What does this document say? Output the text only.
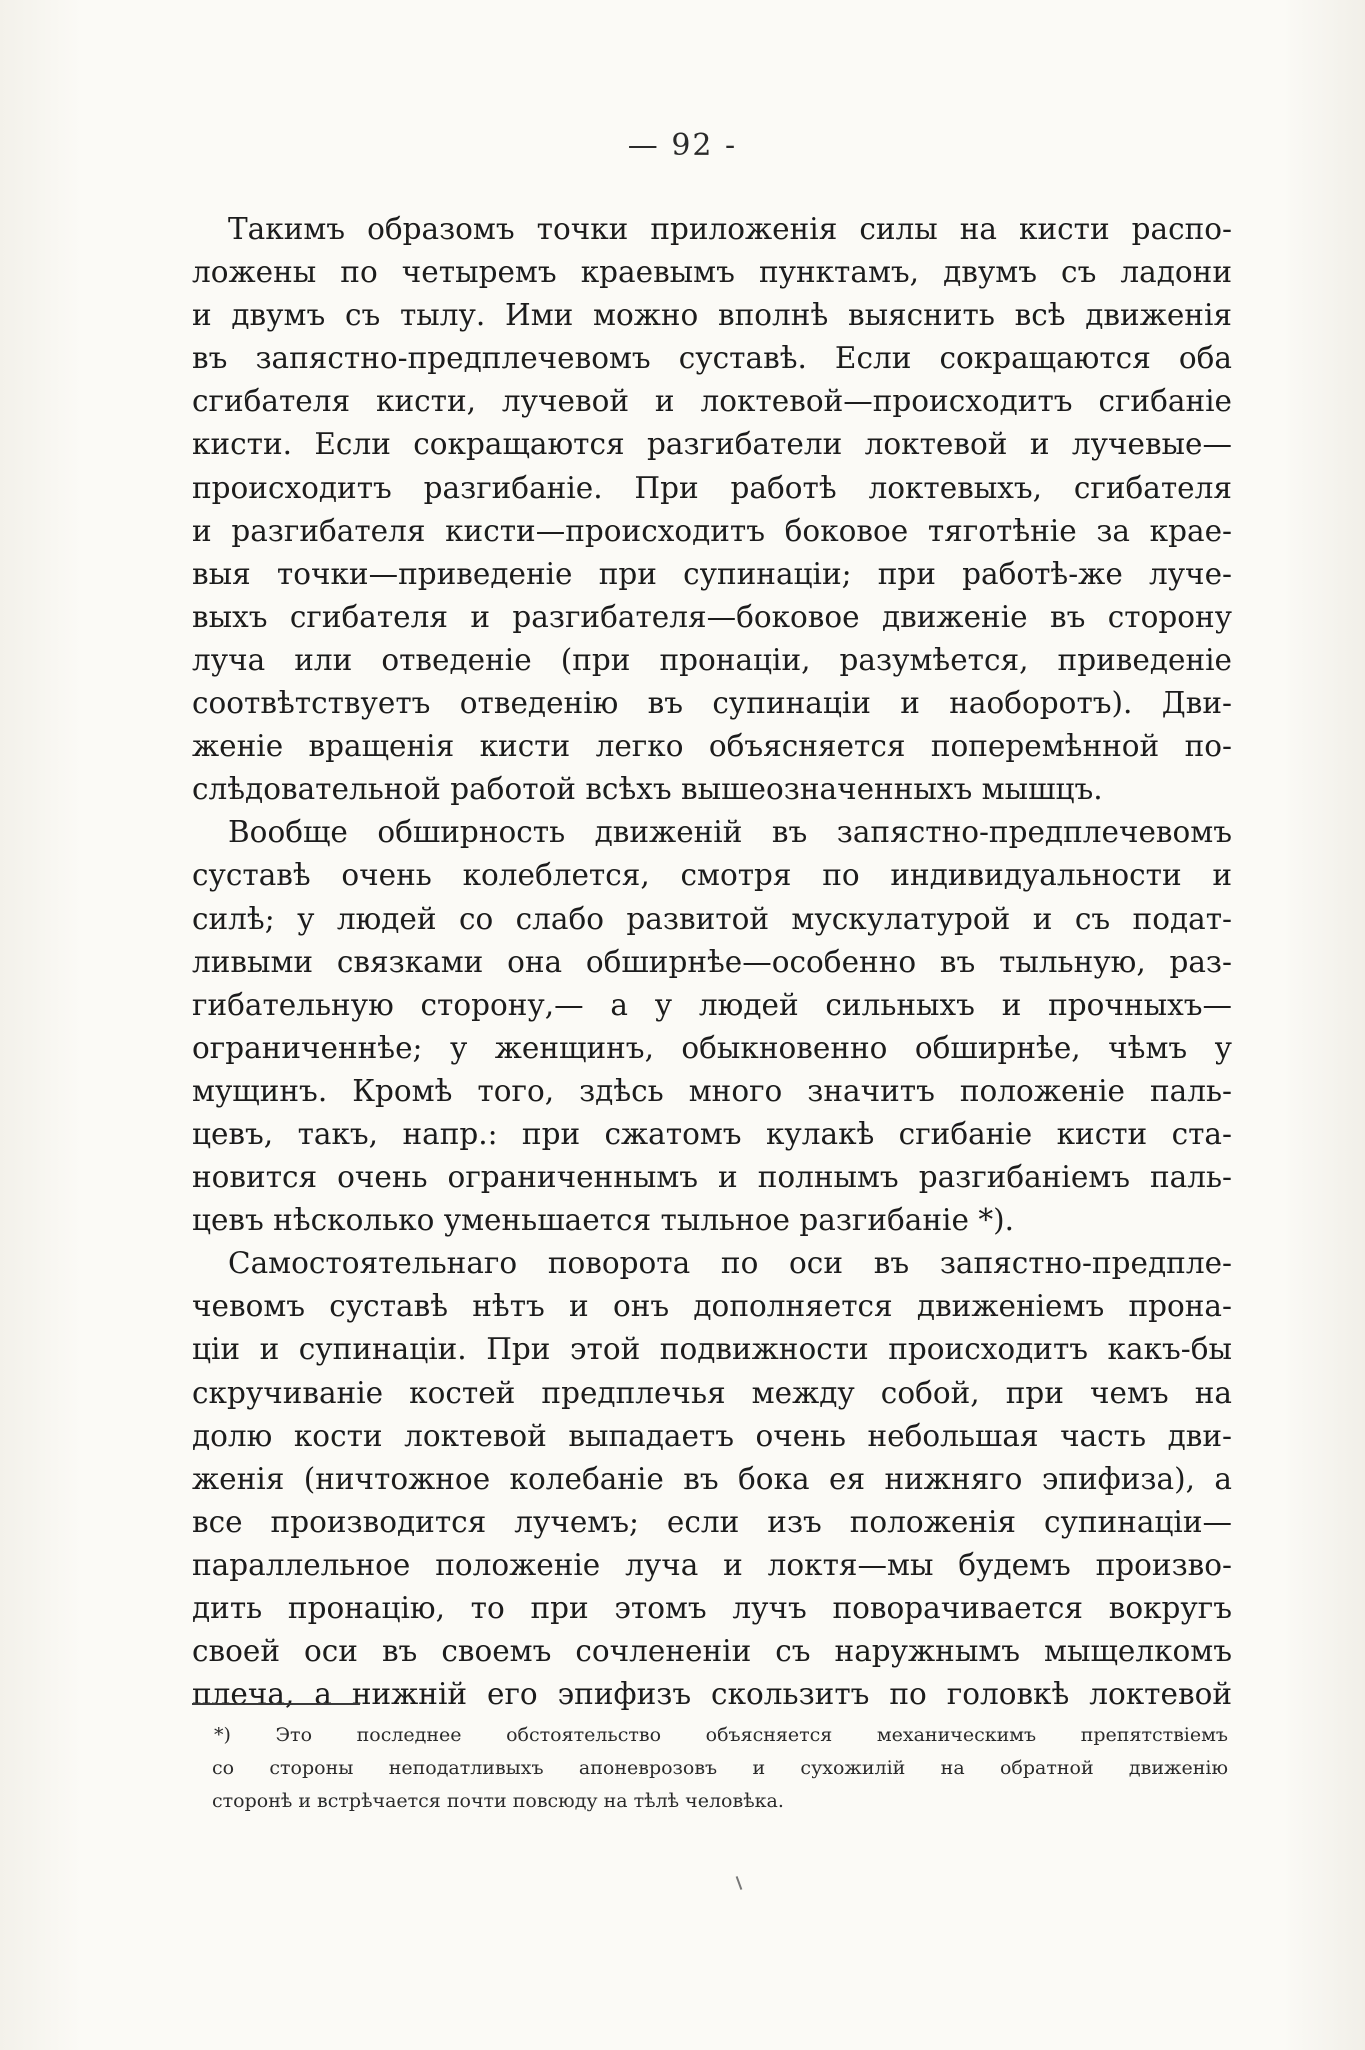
— 92 -
Такимъ образомъ точки приложенія силы на кисти распо-
ложены по четыремъ краевымъ пунктамъ, двумъ съ ладони
и двумъ съ тылу. Ими можно вполнѣ выяснить всѣ движенія
въ запястно-предплечевомъ суставѣ. Если сокращаются оба
сгибателя кисти, лучевой и локтевой—происходитъ сгибаніе
кисти. Если сокращаются разгибатели локтевой и лучевые—
происходитъ разгибаніе. При работѣ локтевыхъ, сгибателя
и разгибателя кисти—происходитъ боковое тяготѣніе за крае-
выя точки—приведеніе при супинаціи; при работѣ-же луче-
выхъ сгибателя и разгибателя—боковое движеніе въ сторону
луча или отведеніе (при пронаціи, разумѣется, приведеніе
соотвѣтствуетъ отведенію въ супинаціи и наоборотъ). Дви-
женіе вращенія кисти легко объясняется поперемѣнной по-
слѣдовательной работой всѣхъ вышеозначенныхъ мышцъ.
Вообще обширность движеній въ запястно-предплечевомъ
суставѣ очень колеблется, смотря по индивидуальности и
силѣ; у людей со слабо развитой мускулатурой и съ подат-
ливыми связками она обширнѣе—особенно въ тыльную, раз-
гибательную сторону,— а у людей сильныхъ и прочныхъ—
ограниченнѣе; у женщинъ, обыкновенно обширнѣе, чѣмъ у
мущинъ. Кромѣ того, здѣсь много значитъ положеніе паль-
цевъ, такъ, напр.: при сжатомъ кулакѣ сгибаніе кисти ста-
новится очень ограниченнымъ и полнымъ разгибаніемъ паль-
цевъ нѣсколько уменьшается тыльное разгибаніе *).
Самостоятельнаго поворота по оси въ запястно-предпле-
чевомъ суставѣ нѣтъ и онъ дополняется движеніемъ прона-
ціи и супинаціи. При этой подвижности происходитъ какъ-бы
скручиваніе костей предплечья между собой, при чемъ на
долю кости локтевой выпадаетъ очень небольшая часть дви-
женія (ничтожное колебаніе въ бока ея нижняго эпифиза), а
все производится лучемъ; если изъ положенія супинаціи—
параллельное положеніе луча и локтя—мы будемъ произво-
дить пронацію, то при этомъ лучъ поворачивается вокругъ
своей оси въ своемъ сочлененіи съ наружнымъ мыщелкомъ
плеча, а нижній его эпифизъ скользитъ по головкѣ локтевой
*) Это последнее обстоятельство объясняется механическимъ препятствіемъ
со стороны неподатливыхъ апоневрозовъ и сухожилій на обратной движенію
сторонѣ и встрѣчается почти повсюду на тѣлѣ человѣка.
